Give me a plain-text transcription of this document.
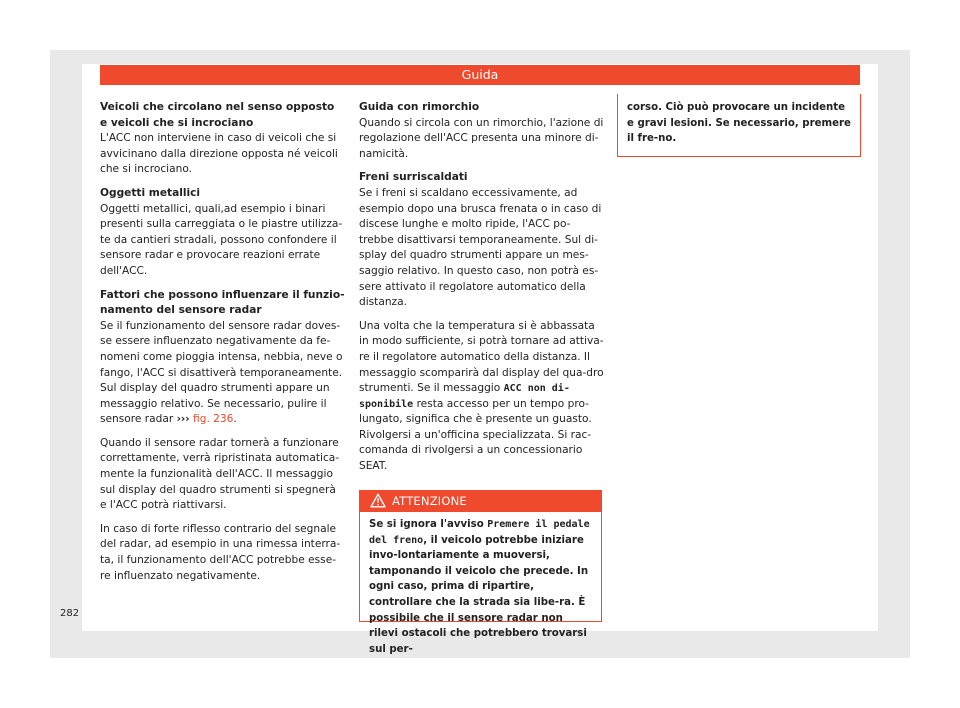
Guida
Veicoli che circolano nel senso opposto e veicoli che si incrociano

L'ACC non interviene in caso di veicoli che si avvicinano dalla direzione opposta né veicoli che si incrociano.

Oggetti metallici

Oggetti metallici, quali,ad esempio i binari presenti sulla carreggiata o le piastre utilizza-te da cantieri stradali, possono confondere il sensore radar e provocare reazioni errate dell'ACC.

Fattori che possono influenzare il funzio-namento del sensore radar

Se il funzionamento del sensore radar doves-se essere influenzato negativamente da fe-nomeni come pioggia intensa, nebbia, neve o fango, l'ACC si disattiverà temporaneamente. Sul display del quadro strumenti appare un messaggio relativo. Se necessario, pulire il sensore radar ››› fig. 236.

Quando il sensore radar tornerà a funzionare correttamente, verrà ripristinata automatica-mente la funzionalità dell'ACC. Il messaggio sul display del quadro strumenti si spegnerà e l'ACC potrà riattivarsi.

In caso di forte riflesso contrario del segnale del radar, ad esempio in una rimessa interra-ta, il funzionamento dell'ACC potrebbe esse-re influenzato negativamente.

Guida con rimorchio

Quando si circola con un rimorchio, l'azione di regolazione dell'ACC presenta una minore di-namicità.

Freni surriscaldati

Se i freni si scaldano eccessivamente, ad esempio dopo una brusca frenata o in caso di discese lunghe e molto ripide, l'ACC po-trebbe disattivarsi temporaneamente. Sul di-splay del quadro strumenti appare un mes-saggio relativo. In questo caso, non potrà es-sere attivato il regolatore automatico della distanza.

Una volta che la temperatura si è abbassata in modo sufficiente, si potrà tornare ad attiva-re il regolatore automatico della distanza. Il messaggio scomparirà dal display del qua-dro strumenti. Se il messaggio ACC non di-sponibile resta accesso per un tempo pro-lungato, significa che è presente un guasto. Rivolgersi a un'officina specializzata. Si rac-comanda di rivolgersi a un concessionario SEAT.

ATTENZIONE
Se si ignora l'avviso Premere il pedale del freno, il veicolo potrebbe iniziare invo-lontariamente a muoversi, tamponando il veicolo che precede. In ogni caso, prima di ripartire, controllare che la strada sia libe-ra. È possibile che il sensore radar non rilevi ostacoli che potrebbero trovarsi sul per-
corso. Ciò può provocare un incidente e gravi lesioni. Se necessario, premere il fre-no.
282
